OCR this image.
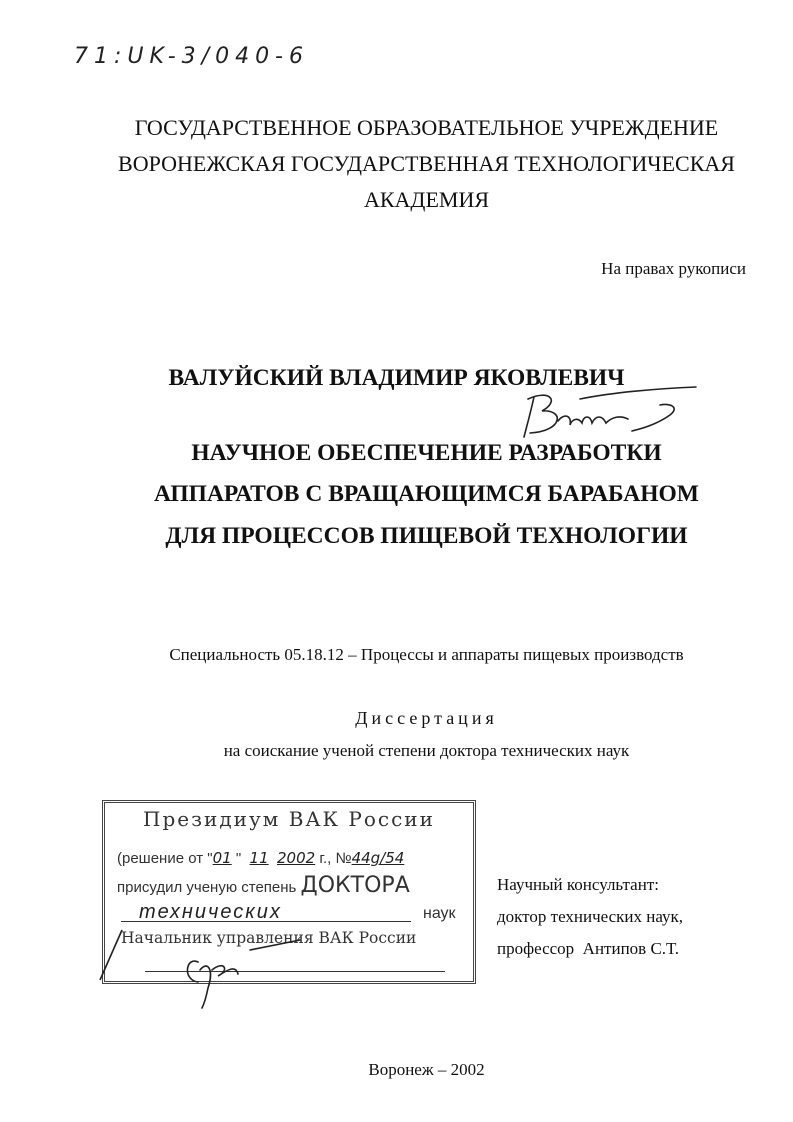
71:UK-3/040-6
ГОСУДАРСТВЕННОЕ ОБРАЗОВАТЕЛЬНОЕ УЧРЕЖДЕНИЕ
ВОРОНЕЖСКАЯ ГОСУДАРСТВЕННАЯ ТЕХНОЛОГИЧЕСКАЯ
АКАДЕМИЯ
На правах рукописи
ВАЛУЙСКИЙ ВЛАДИМИР ЯКОВЛЕВИЧ
НАУЧНОЕ ОБЕСПЕЧЕНИЕ РАЗРАБОТКИ
АППАРАТОВ С ВРАЩАЮЩИМСЯ БАРАБАНОМ
ДЛЯ ПРОЦЕССОВ ПИЩЕВОЙ ТЕХНОЛОГИИ
Специальность 05.18.12 – Процессы и аппараты пищевых производств
Диссертация
на соискание ученой степени доктора технических наук
Президиум ВАК России
(решение от "01 " 11 2002 г., №44g/54
присудил ученую степень ДОКТОРА
технических	наук
Начальник управления ВАК России
Научный консультант:
доктор технических наук,
профессор  Антипов С.Т.
Воронеж – 2002
